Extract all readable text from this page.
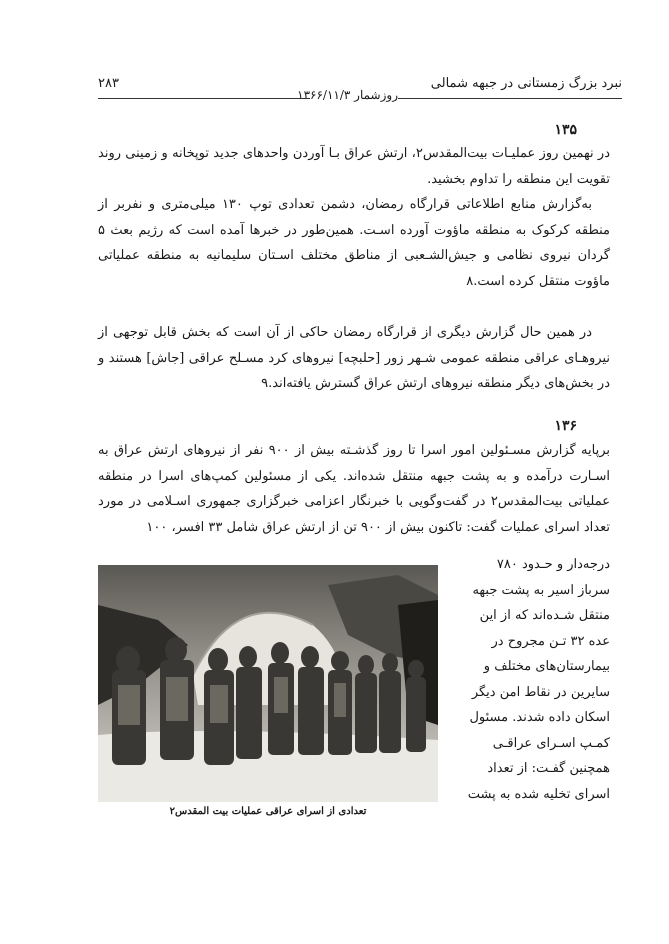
نبرد بزرگ زمستانی در جبهه شمالی
روزشمار ۱۳۶۶/۱۱/۳
۲۸۳
۱۳۵

در نهمین روز عملیـات بیت‌المقدس۲، ارتش عراق بـا آوردن واحدهای جدید توپخانه و زمینی روند تقویت این منطقه را تداوم بخشید.

به‌گزارش منابع اطلاعاتی قرارگاه رمضان، دشمن تعدادی توپ ۱۳۰ میلی‌متری و نفربر از منطقه کرکوک به منطقه ماؤوت آورده اسـت. همین‌طور در خبرها آمده است که رژیم بعث ۵ گردان نیروی نظامی و جیش‌الشـعبی از مناطق مختلف اسـتان سلیمانیه به منطقه عملیاتی ماؤوت منتقل کرده است.۸

در همین حال گزارش دیگری از قرارگاه رمضان حاکی از آن است که بخش قابل توجهی از نیروهـای عراقی منطقه عمومی شـهر زور [حلبچه] نیروهای کرد مسـلح عراقی [جاش] هستند و در بخش‌های دیگر منطقه نیروهای ارتش عراق گسترش یافته‌اند.۹

۱۳۶

برپایه گزارش مسـئولین امور اسرا تا روز گذشـته بیش از ۹۰۰ نفر از نیروهای ارتش عراق به اسـارت درآمده و به پشت جبهه منتقل شده‌اند. یکی از مسئولین کمپ‌های اسرا در منطقه عملیاتی بیت‌المقدس۲ در گفت‌وگویی با خبرنگار اعزامی خبرگزاری جمهوری اسـلامی در مورد تعداد اسرای عملیات گفت: تاکنون بیش از ۹۰۰ تن از ارتش عراق شامل ۳۳ افسر، ۱۰۰

تعدادی از اسرای عراقی عملیات بیت المقدس۲
درجه‌دار و حـدود ۷۸۰
سرباز اسیر به پشت جبهه
منتقل شـده‌اند که از این
عده ۳۲ تـن مجروح در
بیمارستان‌های مختلف و
سایرین در نقاط امن دیگر
اسکان داده شدند. مسئول
کمـپ اسـرای عراقـی
همچنین گفـت: از تعداد
اسرای تخلیه شده به پشت
